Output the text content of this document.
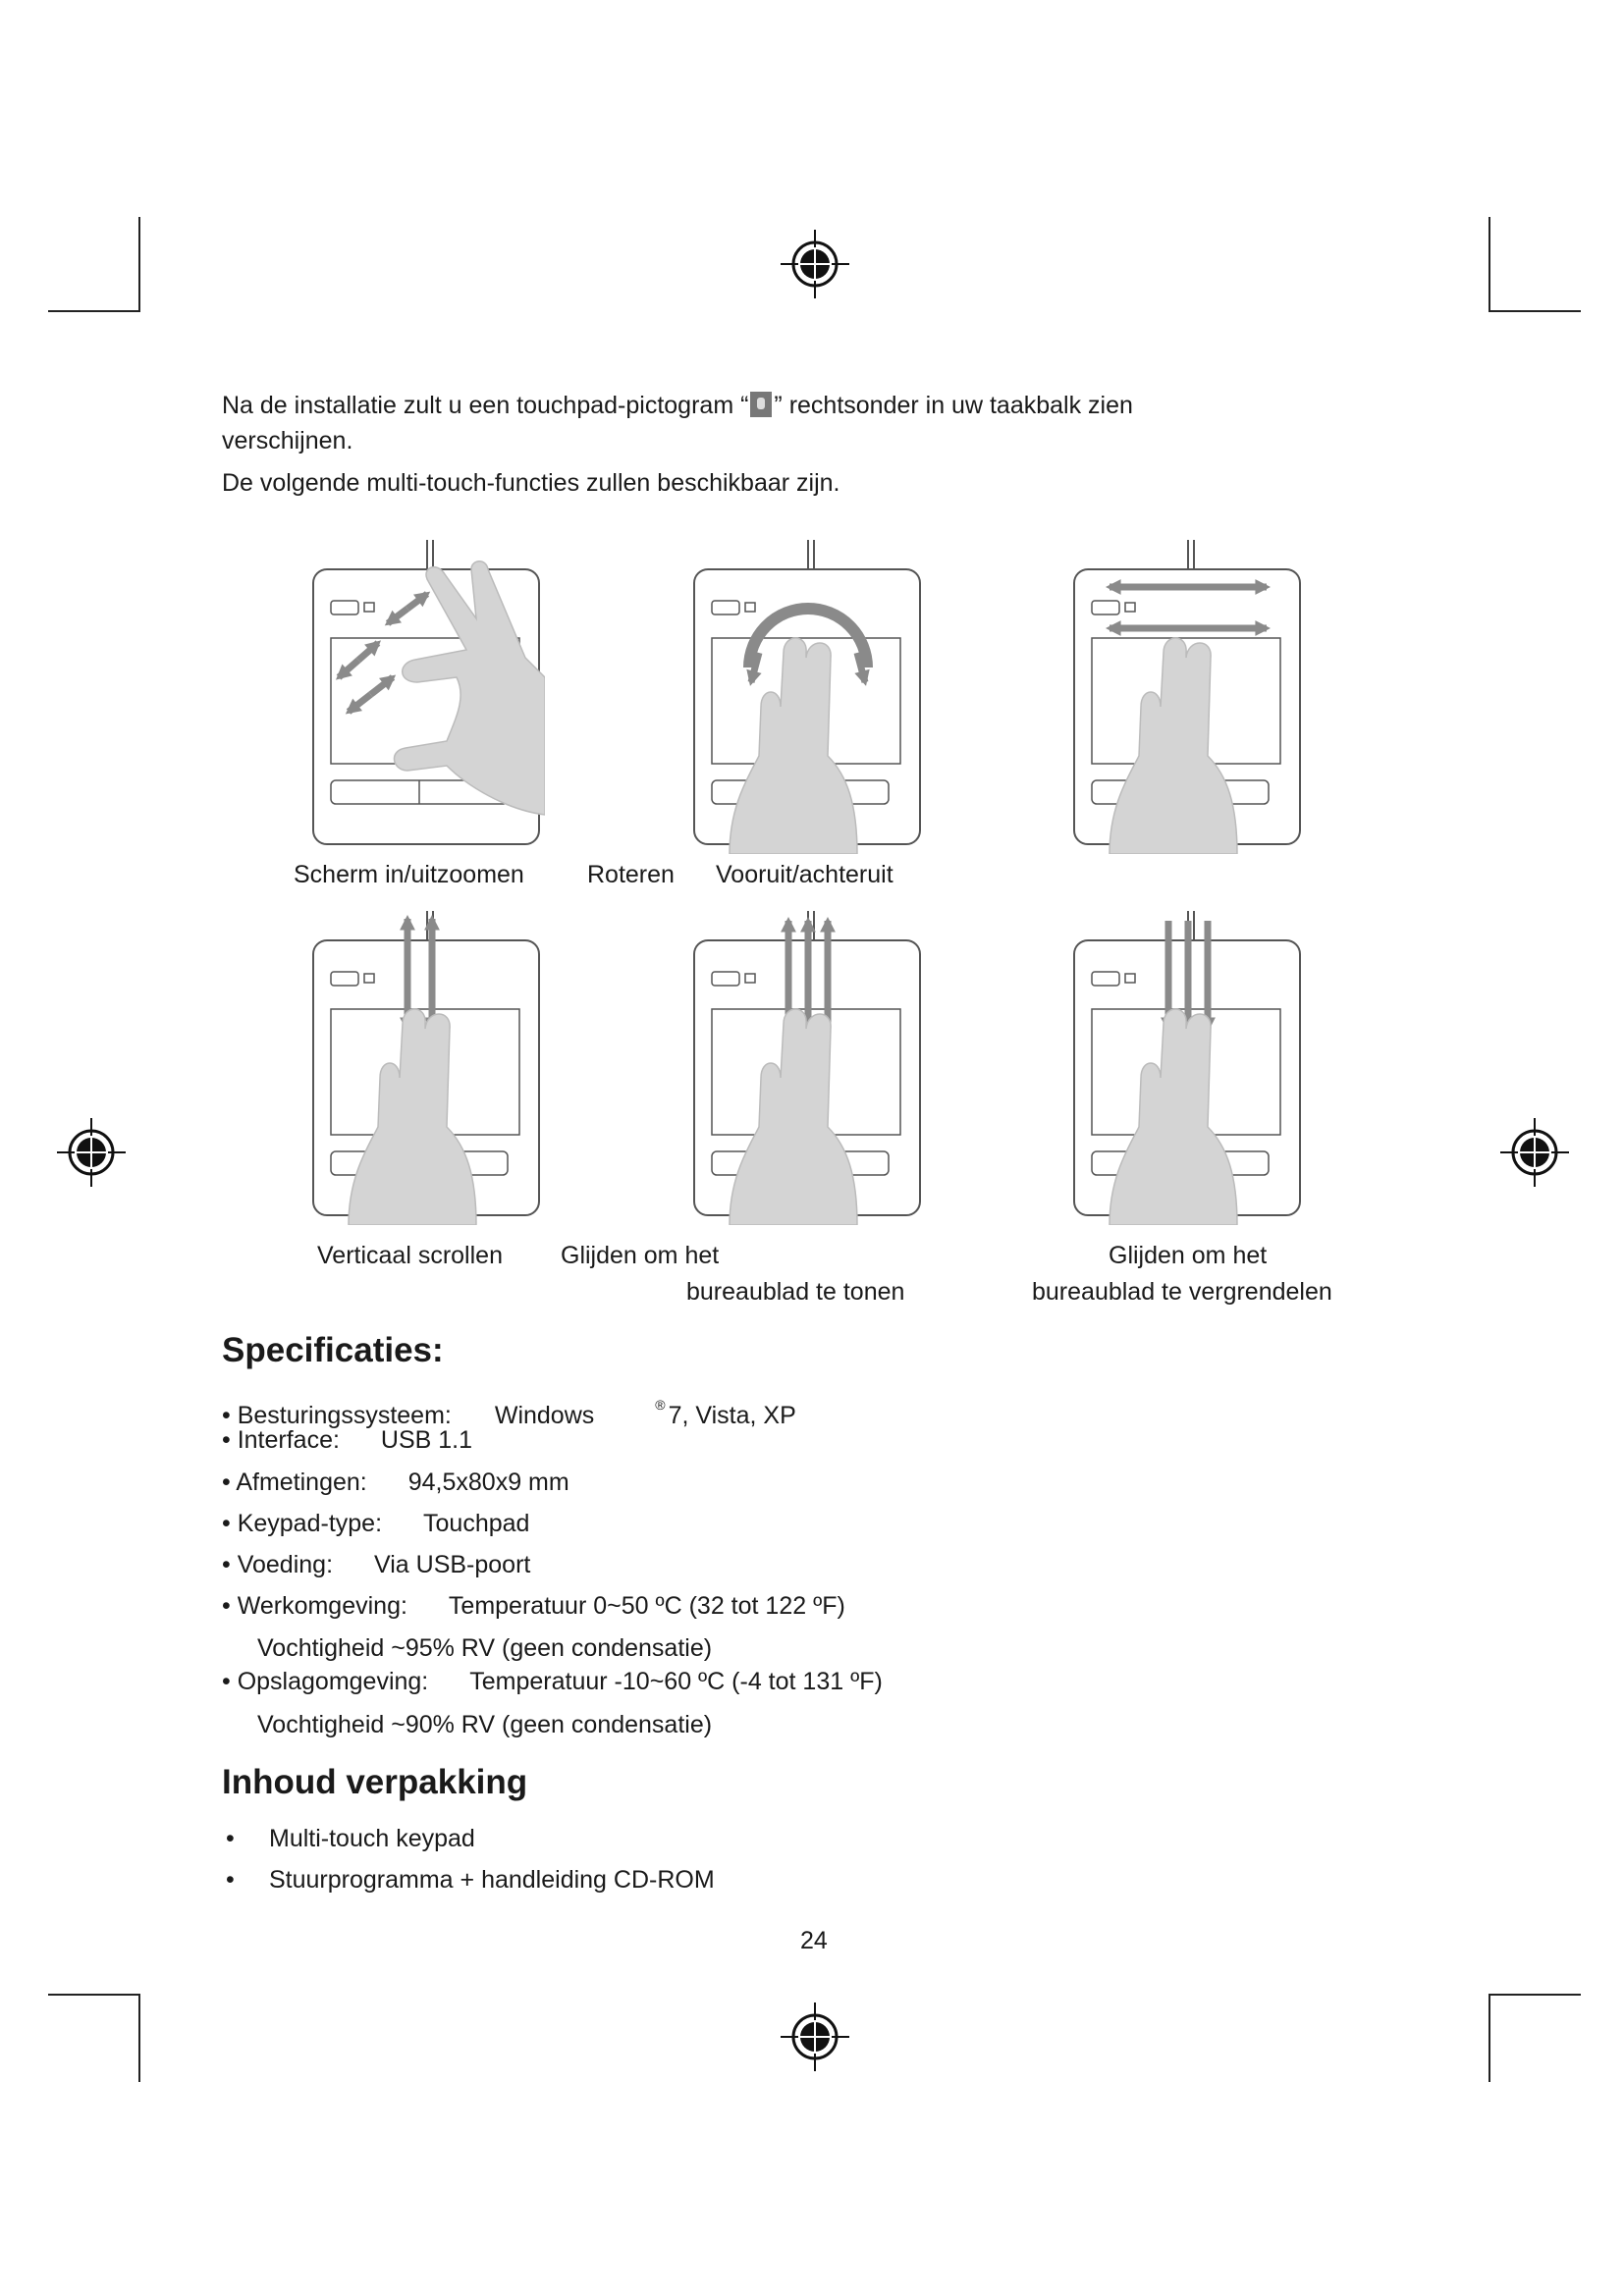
Na de installatie zult u een touchpad-pictogram “ ” rechtsonder in uw taakbalk zien
verschijnen.
De volgende multi-touch-functies zullen beschikbaar zijn.
Scherm in/uitzoomen	Roteren Vooruit/achteruit
Verticaal scrollen Glijden om het
bureaublad te tonen
Glijden om het
bureaublad te vergrendelen
Specificaties:
• Besturingssysteem: Windows	® 7, Vista, XP
• Interface: USB 1.1
• Afmetingen: 94,5x80x9 mm
• Keypad-type: Touchpad
• Voeding: Via USB-poort
• Werkomgeving: Temperatuur 0~50 ºC (32 tot 122 ºF)
Vochtigheid ~95% RV (geen condensatie)
• Opslagomgeving: Temperatuur -10~60 ºC (-4 tot 131 ºF)
Vochtigheid ~90% RV (geen condensatie)
Inhoud verpakking
• Multi-touch keypad
• Stuurprogramma + handleiding CD-ROM
24
